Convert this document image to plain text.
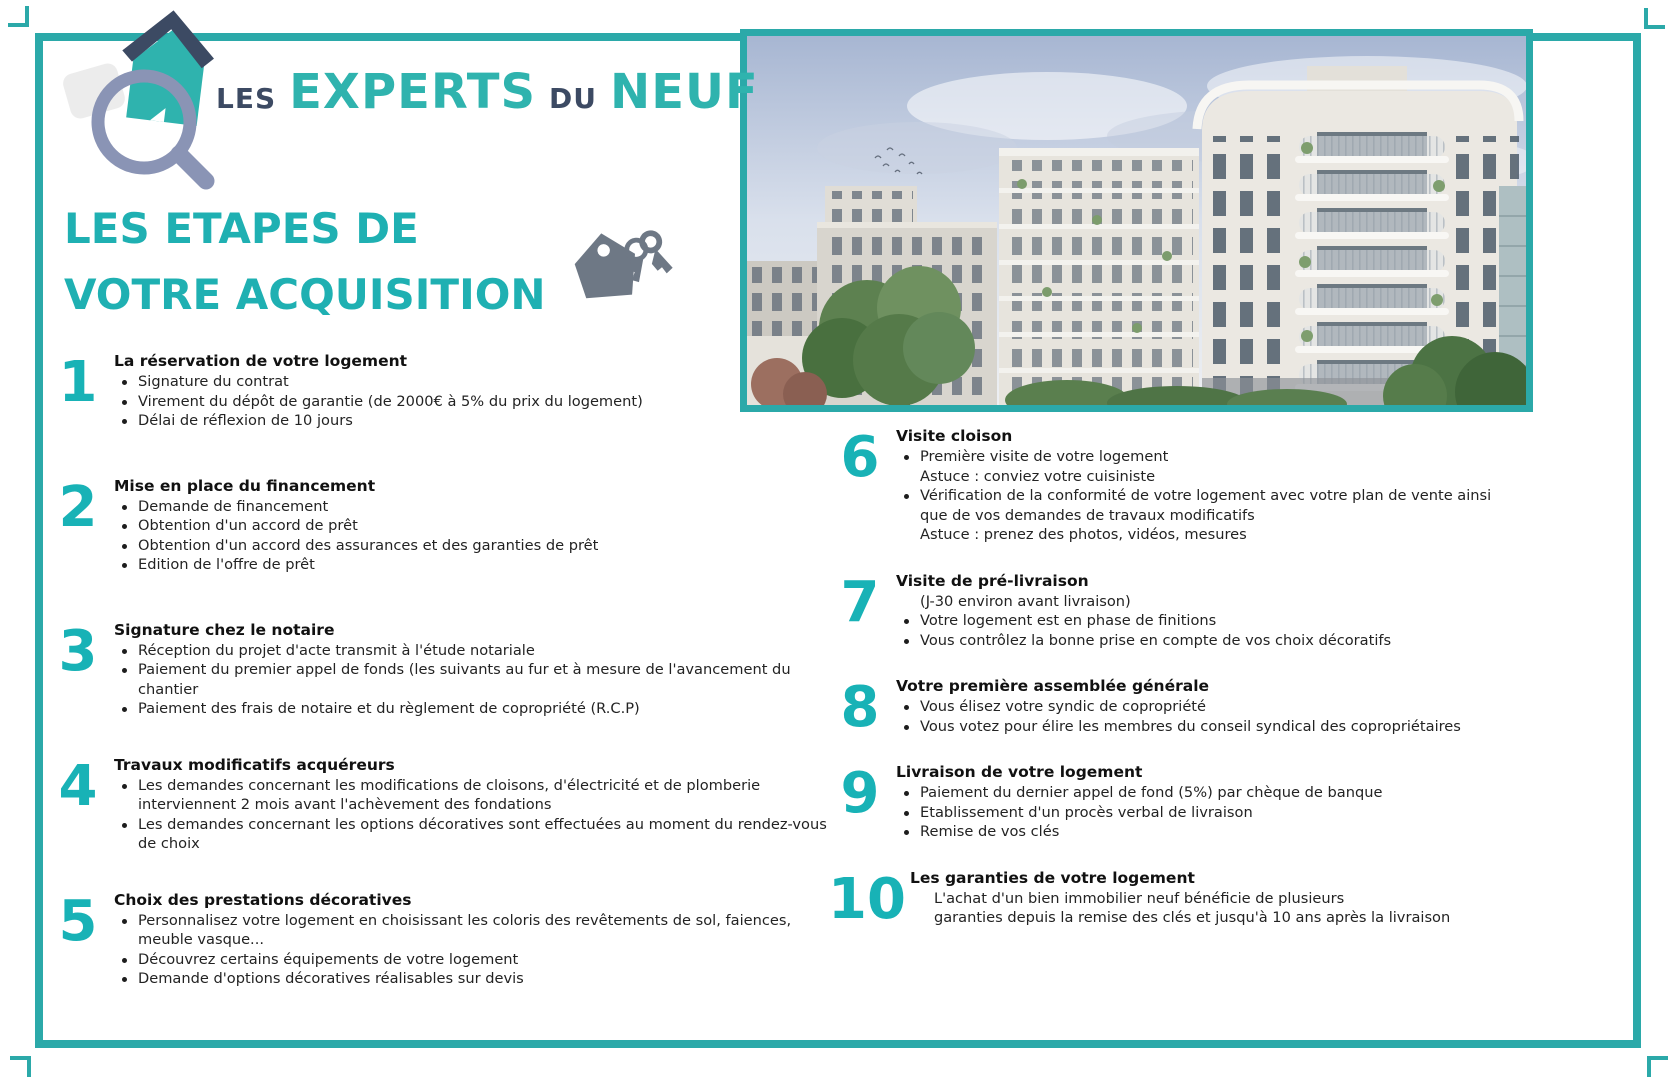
LES EXPERTS DU NEUF
LES ETAPES DE
VOTRE ACQUISITION
1	La réservation de votre logement
Signature du contrat
Virement du dépôt de garantie (de 2000€ à 5% du prix du logement)
Délai de réflexion de 10 jours
2	Mise en place du financement
Demande de financement
Obtention d'un accord de prêt
Obtention d'un accord des assurances et des garanties de prêt
Edition de l'offre de prêt
3	Signature chez le notaire
Réception du projet d'acte transmit à l'étude notariale
Paiement du premier appel de fonds (les suivants au fur et à mesure de l'avancement du chantier
Paiement des frais de notaire et du règlement de copropriété (R.C.P)
4	Travaux modificatifs acquéreurs
Les demandes concernant les modifications de cloisons, d'électricité et de plomberie interviennent 2 mois avant l'achèvement des fondations
Les demandes concernant les options décoratives sont effectuées au moment du rendez-vous de choix
5	Choix des prestations décoratives
Personnalisez votre logement en choisissant les coloris des revêtements de sol, faiences, meuble vasque...
Découvrez certains équipements de votre logement
Demande d'options décoratives réalisables sur devis
6	Visite cloison
Première visite de votre logement
Astuce : conviez votre cuisiniste
Vérification de la conformité de votre logement avec votre plan de vente ainsi que de vos demandes de travaux modificatifs
Astuce : prenez des photos, vidéos, mesures
7	Visite de pré-livraison
(J-30 environ avant livraison)
Votre logement est en phase de finitions
Vous contrôlez la bonne prise en compte de vos choix décoratifs
8	Votre première assemblée générale
Vous élisez votre syndic de copropriété
Vous votez pour élire les membres du conseil syndical des copropriétaires
9	Livraison de votre logement
Paiement du dernier appel de fond (5%) par chèque de banque
Etablissement d'un procès verbal de livraison
Remise de vos clés
10 Les garanties de votre logement
L'achat d'un bien immobilier neuf bénéficie de plusieurs
garanties depuis la remise des clés et jusqu'à 10 ans après la livraison
